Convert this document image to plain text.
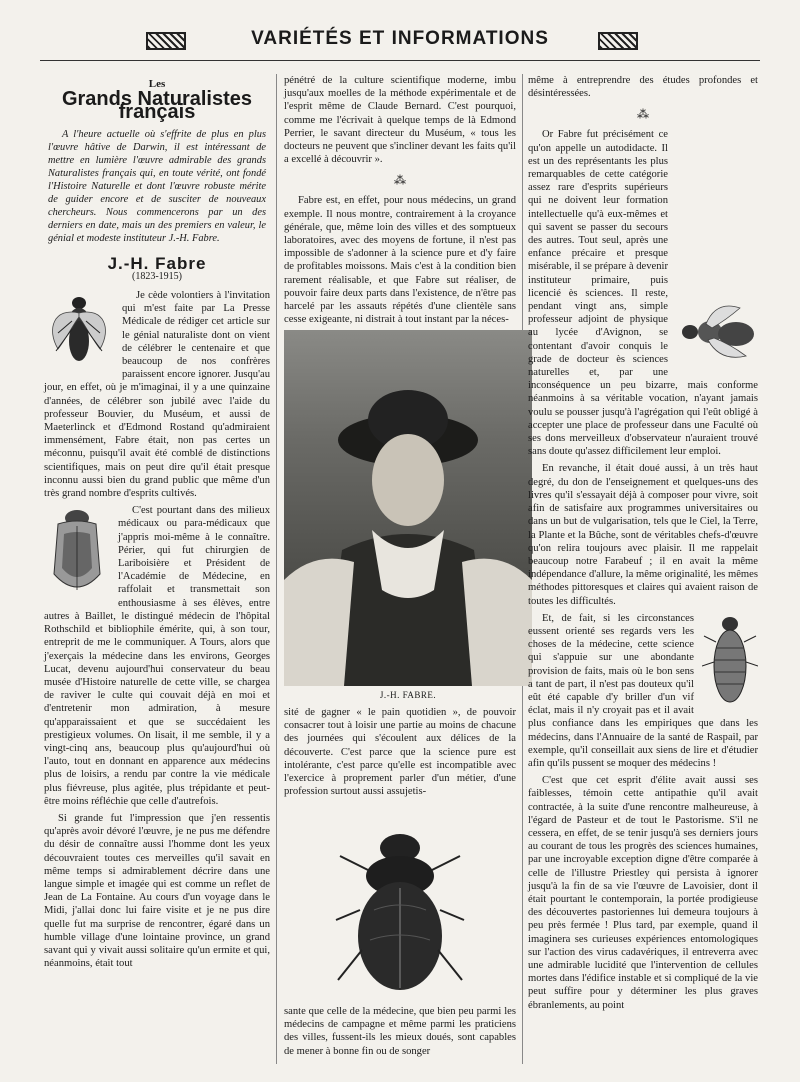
VARIÉTÉS ET INFORMATIONS
Les
Grands Naturalistes français

A l'heure actuelle où s'effrite de plus en plus l'œuvre hâtive de Darwin, il est intéressant de mettre en lumière l'œuvre admirable des grands Naturalistes français qui, en toute vérité, ont fondé l'Histoire Naturelle et dont l'œuvre robuste mérite de guider encore et de susciter de nouveaux chercheurs. Nous commencerons par un des derniers en date, mais un des premiers en valeur, le génial et modeste instituteur J.-H. Fabre.

J.-H. Fabre
(1823-1915)

Je cède volontiers à l'invitation qui m'est faite par La Presse Médicale de rédiger cet article sur le génial naturaliste dont on vient de célébrer le centenaire et que beaucoup de nos confrères paraissent encore ignorer. Jusqu'au jour, en effet, où je m'imaginai, il y a une quinzaine d'années, de célébrer son jubilé avec l'aide du professeur Bouvier, du Muséum, et aussi de Maeterlinck et d'Edmond Rostand qu'admiraient immensément, Fabre était, non pas certes un méconnu, puisqu'il avait été comblé de distinctions scientifiques, mais on peut dire qu'il était presque inconnu aussi bien du grand public que même d'un très grand nombre d'esprits cultivés.

C'est pourtant dans des milieux médicaux ou para-médicaux que j'appris moi-même à le connaître. Périer, qui fut chirurgien de Lariboisière et Président de l'Académie de Médecine, en raffolait et transmettait son enthousiasme à ses élèves, entre autres à Baillet, le distingué médecin de l'hôpital Rothschild et bibliophile émérite, qui, à son tour, entreprit de me le communiquer. A Tours, alors que j'exerçais la médecine dans les environs, Georges Lucat, devenu aujourd'hui conservateur du beau musée d'Histoire naturelle de cette ville, se chargea de raviver le culte qui couvait déjà en moi et d'entretenir mon admiration, à mesure qu'apparaissaient et que se succédaient les prestigieux volumes. On lisait, il me semble, il y a vingt-cinq ans, beaucoup plus qu'aujourd'hui où l'auto, tout en donnant en apparence aux médecins plus de loisirs, a rendu par contre la vie médicale plus fiévreuse, plus agitée, plus trépidante et peut-être moins réfléchie que celle d'autrefois.

Si grande fut l'impression que j'en ressentis qu'après avoir dévoré l'œuvre, je ne pus me défendre du désir de connaître aussi l'homme dont les yeux découvraient toutes ces merveilles qu'il savait en même temps si admirablement décrire dans une langue simple et imagée qui est comme un reflet de Jean de La Fontaine. Au cours d'un voyage dans le Midi, j'allai donc lui faire visite et je ne pus dire quelle fut ma surprise de rencontrer, égaré dans un humble village d'une lointaine province, un grand savant qui y vivait aussi solitaire qu'un ermite et qui, néanmoins, était tout

pénétré de la culture scientifique moderne, imbu jusqu'aux moelles de la méthode expérimentale et de l'esprit même de Claude Bernard. C'est pourquoi, comme me l'écrivait à quelque temps de là Edmond Perrier, le savant directeur du Muséum, « tous les docteurs ne peuvent que s'incliner devant les faits qu'il a excellé à découvrir ».

⁂

Fabre est, en effet, pour nous médecins, un grand exemple. Il nous montre, contrairement à la croyance générale, que, même loin des villes et des somptueux laboratoires, avec des moyens de fortune, il n'est pas impossible de s'adonner à la science pure et d'y faire de profitables moissons. Mais c'est à la condition bien rarement réalisable, et que Fabre sut réaliser, de pouvoir faire deux parts dans l'existence, de n'être pas harcelé par les assauts répétés d'une clientèle sans cesse exigeante, ni distrait à tout instant par la néces-

J.-H. FABRE.

sité de gagner « le pain quotidien », de pouvoir consacrer tout à loisir une partie au moins de chacune des journées qui s'écoulent aux délices de la découverte. C'est parce que la science pure est intolérante, c'est parce qu'elle est incompatible avec l'exercice à proprement parler d'un métier, d'une profession surtout aussi assujetis-

sante que celle de la médecine, que bien peu parmi les médecins de campagne et même parmi les praticiens des villes, fussent-ils les mieux doués, sont capables de mener à bonne fin ou de songer

même à entreprendre des études profondes et désintéressées.

⁂

Or Fabre fut précisément ce qu'on appelle un autodidacte. Il est un des représentants les plus remarquables de cette catégorie assez rare d'esprits supérieurs qui ne doivent leur formation intellectuelle qu'à eux-mêmes et qui savent se passer du secours des autres. Tout seul, après une enfance précaire et presque misérable, il se prépare à devenir instituteur primaire, puis licencié ès sciences. Il reste, pendant vingt ans, simple professeur adjoint de physique au lycée d'Avignon, se contentant d'avoir conquis le grade de docteur ès sciences naturelles et, par une inconséquence un peu bizarre, mais conforme néanmoins à sa véritable vocation, n'ayant jamais voulu se pousser jusqu'à l'agrégation qui l'eût obligé à accepter une place de professeur dans une Faculté où ses dons merveilleux d'observateur n'auraient trouvé sans doute qu'assez difficilement leur emploi.

En revanche, il était doué aussi, à un très haut degré, du don de l'enseignement et quelques-uns des livres qu'il s'essayait déjà à composer pour vivre, soit afin de satisfaire aux programmes universitaires ou dans un but de vulgarisation, tels que le Ciel, la Terre, la Plante et la Bûche, sont de véritables chefs-d'œuvre qu'on relira toujours avec plaisir. Il me rappelait beaucoup notre Farabeuf ; il en avait la même indépendance d'allure, la même originalité, les mêmes méthodes pittoresques et claires qui avaient raison de toutes les difficultés.

Et, de fait, si les circonstances eussent orienté ses regards vers les choses de la médecine, cette science qui s'appuie sur une abondante provision de faits, mais où le bon sens a tant de part, il n'est pas douteux qu'il eût été capable d'y briller d'un vif éclat, mais il n'y croyait pas et il avait plus confiance dans les empiriques que dans les médecins, dans l'Annuaire de la santé de Raspail, par exemple, qu'il conseillait aux siens de lire et d'étudier afin qu'ils pussent se moquer des médecins !

C'est que cet esprit d'élite avait aussi ses faiblesses, témoin cette antipathie qu'il avait contractée, à la suite d'une rencontre malheureuse, à l'égard de Pasteur et de tout le Pastorisme. S'il ne cessera, en effet, de se tenir jusqu'à ses derniers jours au courant de tous les progrès des sciences humaines, par une incroyable exception digne d'être comparée à celle de l'illustre Priestley qui persista à ignorer jusqu'à la fin de sa vie l'œuvre de Lavoisier, dont il était pourtant le contemporain, la portée prodigieuse des découvertes pastoriennes lui demeura toujours à peu près fermée ! Plus tard, par exemple, quand il imaginera ses curieuses expériences entomologiques sur l'action des virus cadavériques, il entreverra avec une admirable lucidité que l'intervention de cellules mortes dans l'édifice instable et si compliqué de la vie peut suffire pour y déterminer les plus graves ébranlements, au point
